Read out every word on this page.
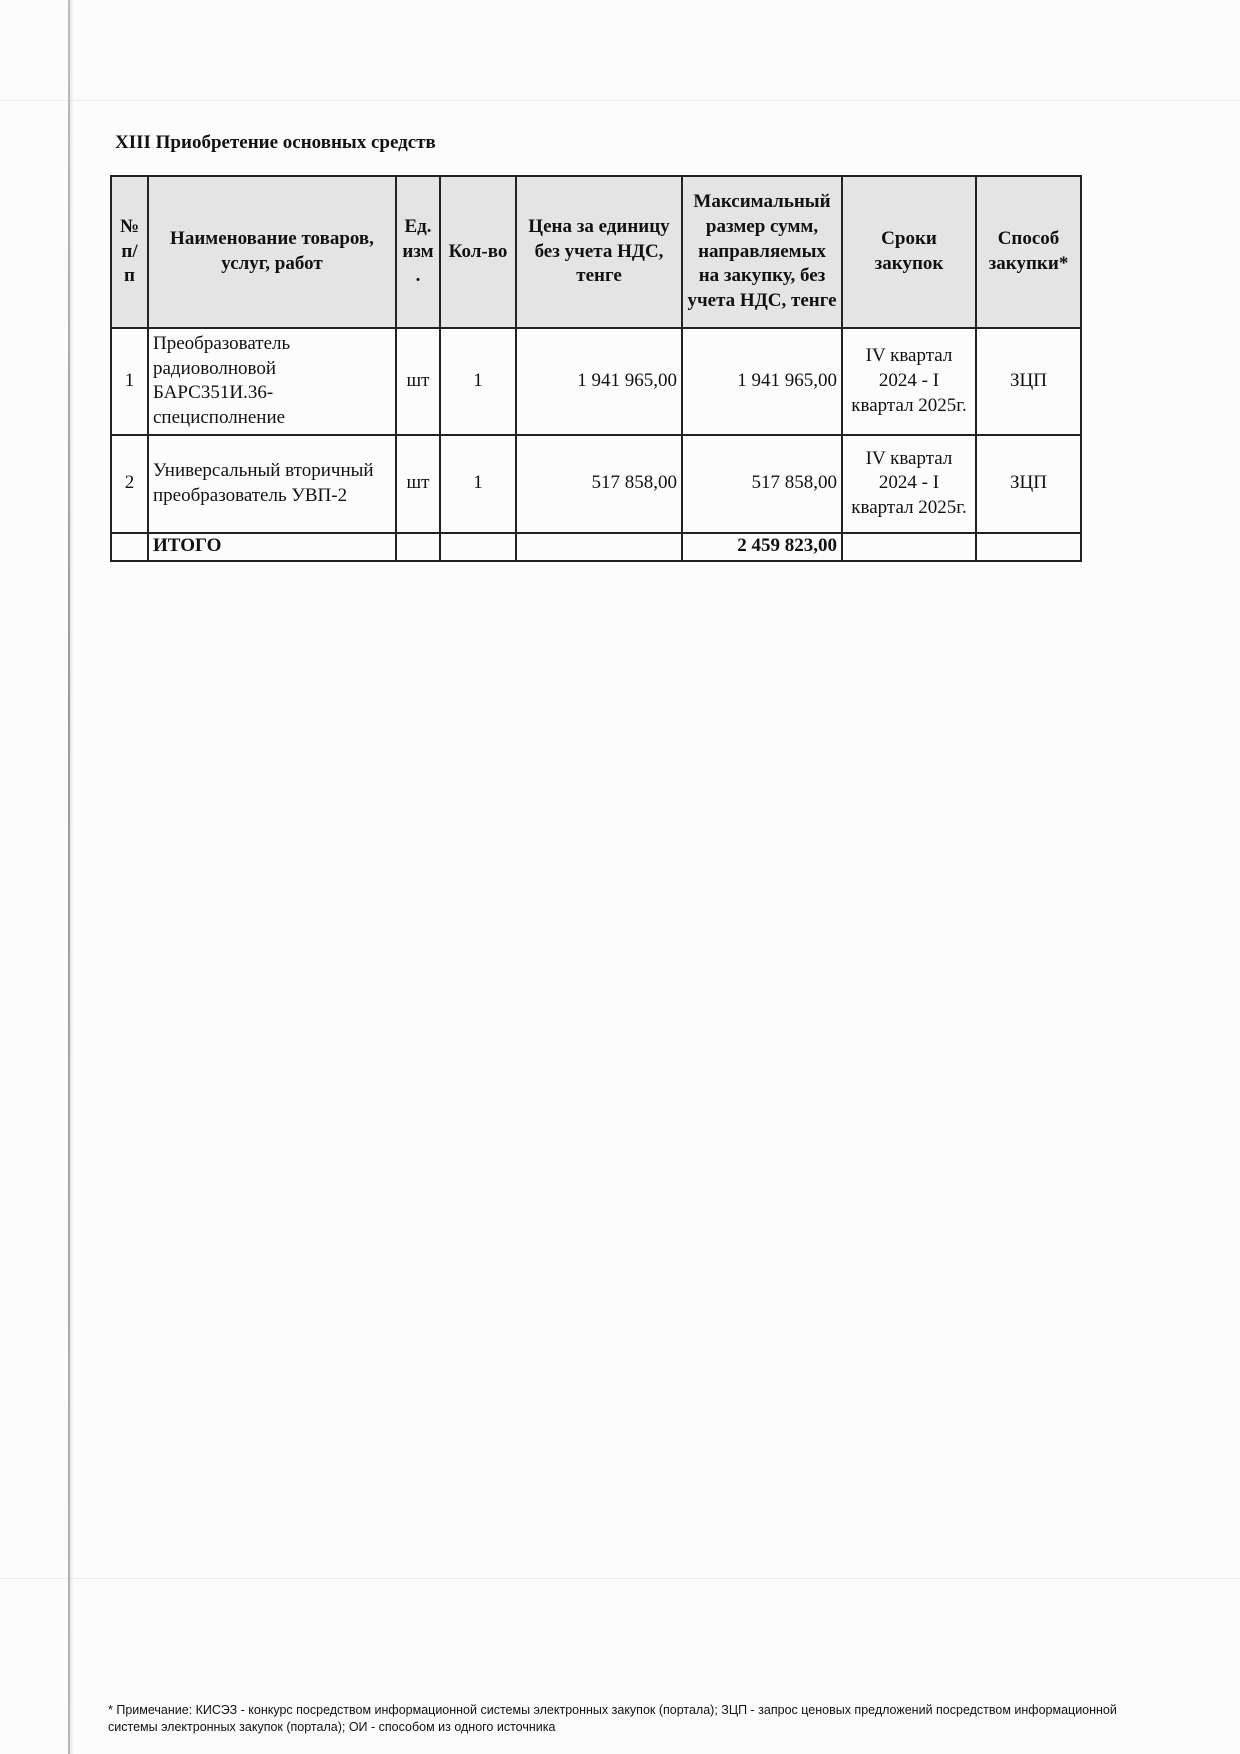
XIII Приобретение основных средств
№ п/п	Наименование товаров, услуг, работ	Ед. изм .	Кол-во	Цена за единицу без учета НДС, тенге	Максимальный размер сумм, направляемых на закупку, без учета НДС, тенге	Сроки закупок	Способ закупки*
1	Преобразователь радиоволновой БАРС351И.36-специсполнение	шт	1	1 941 965,00	1 941 965,00	IV квартал 2024 - I квартал 2025г.	ЗЦП
2	Универсальный вторичный преобразователь УВП-2	шт	1	517 858,00	517 858,00	IV квартал 2024 - I квартал 2025г.	ЗЦП
	ИТОГО				2 459 823,00		
* Примечание: КИСЭЗ - конкурс посредством информационной системы электронных закупок (портала); ЗЦП - запрос ценовых предложений посредством информационной системы электронных закупок (портала); ОИ - способом из одного источника
